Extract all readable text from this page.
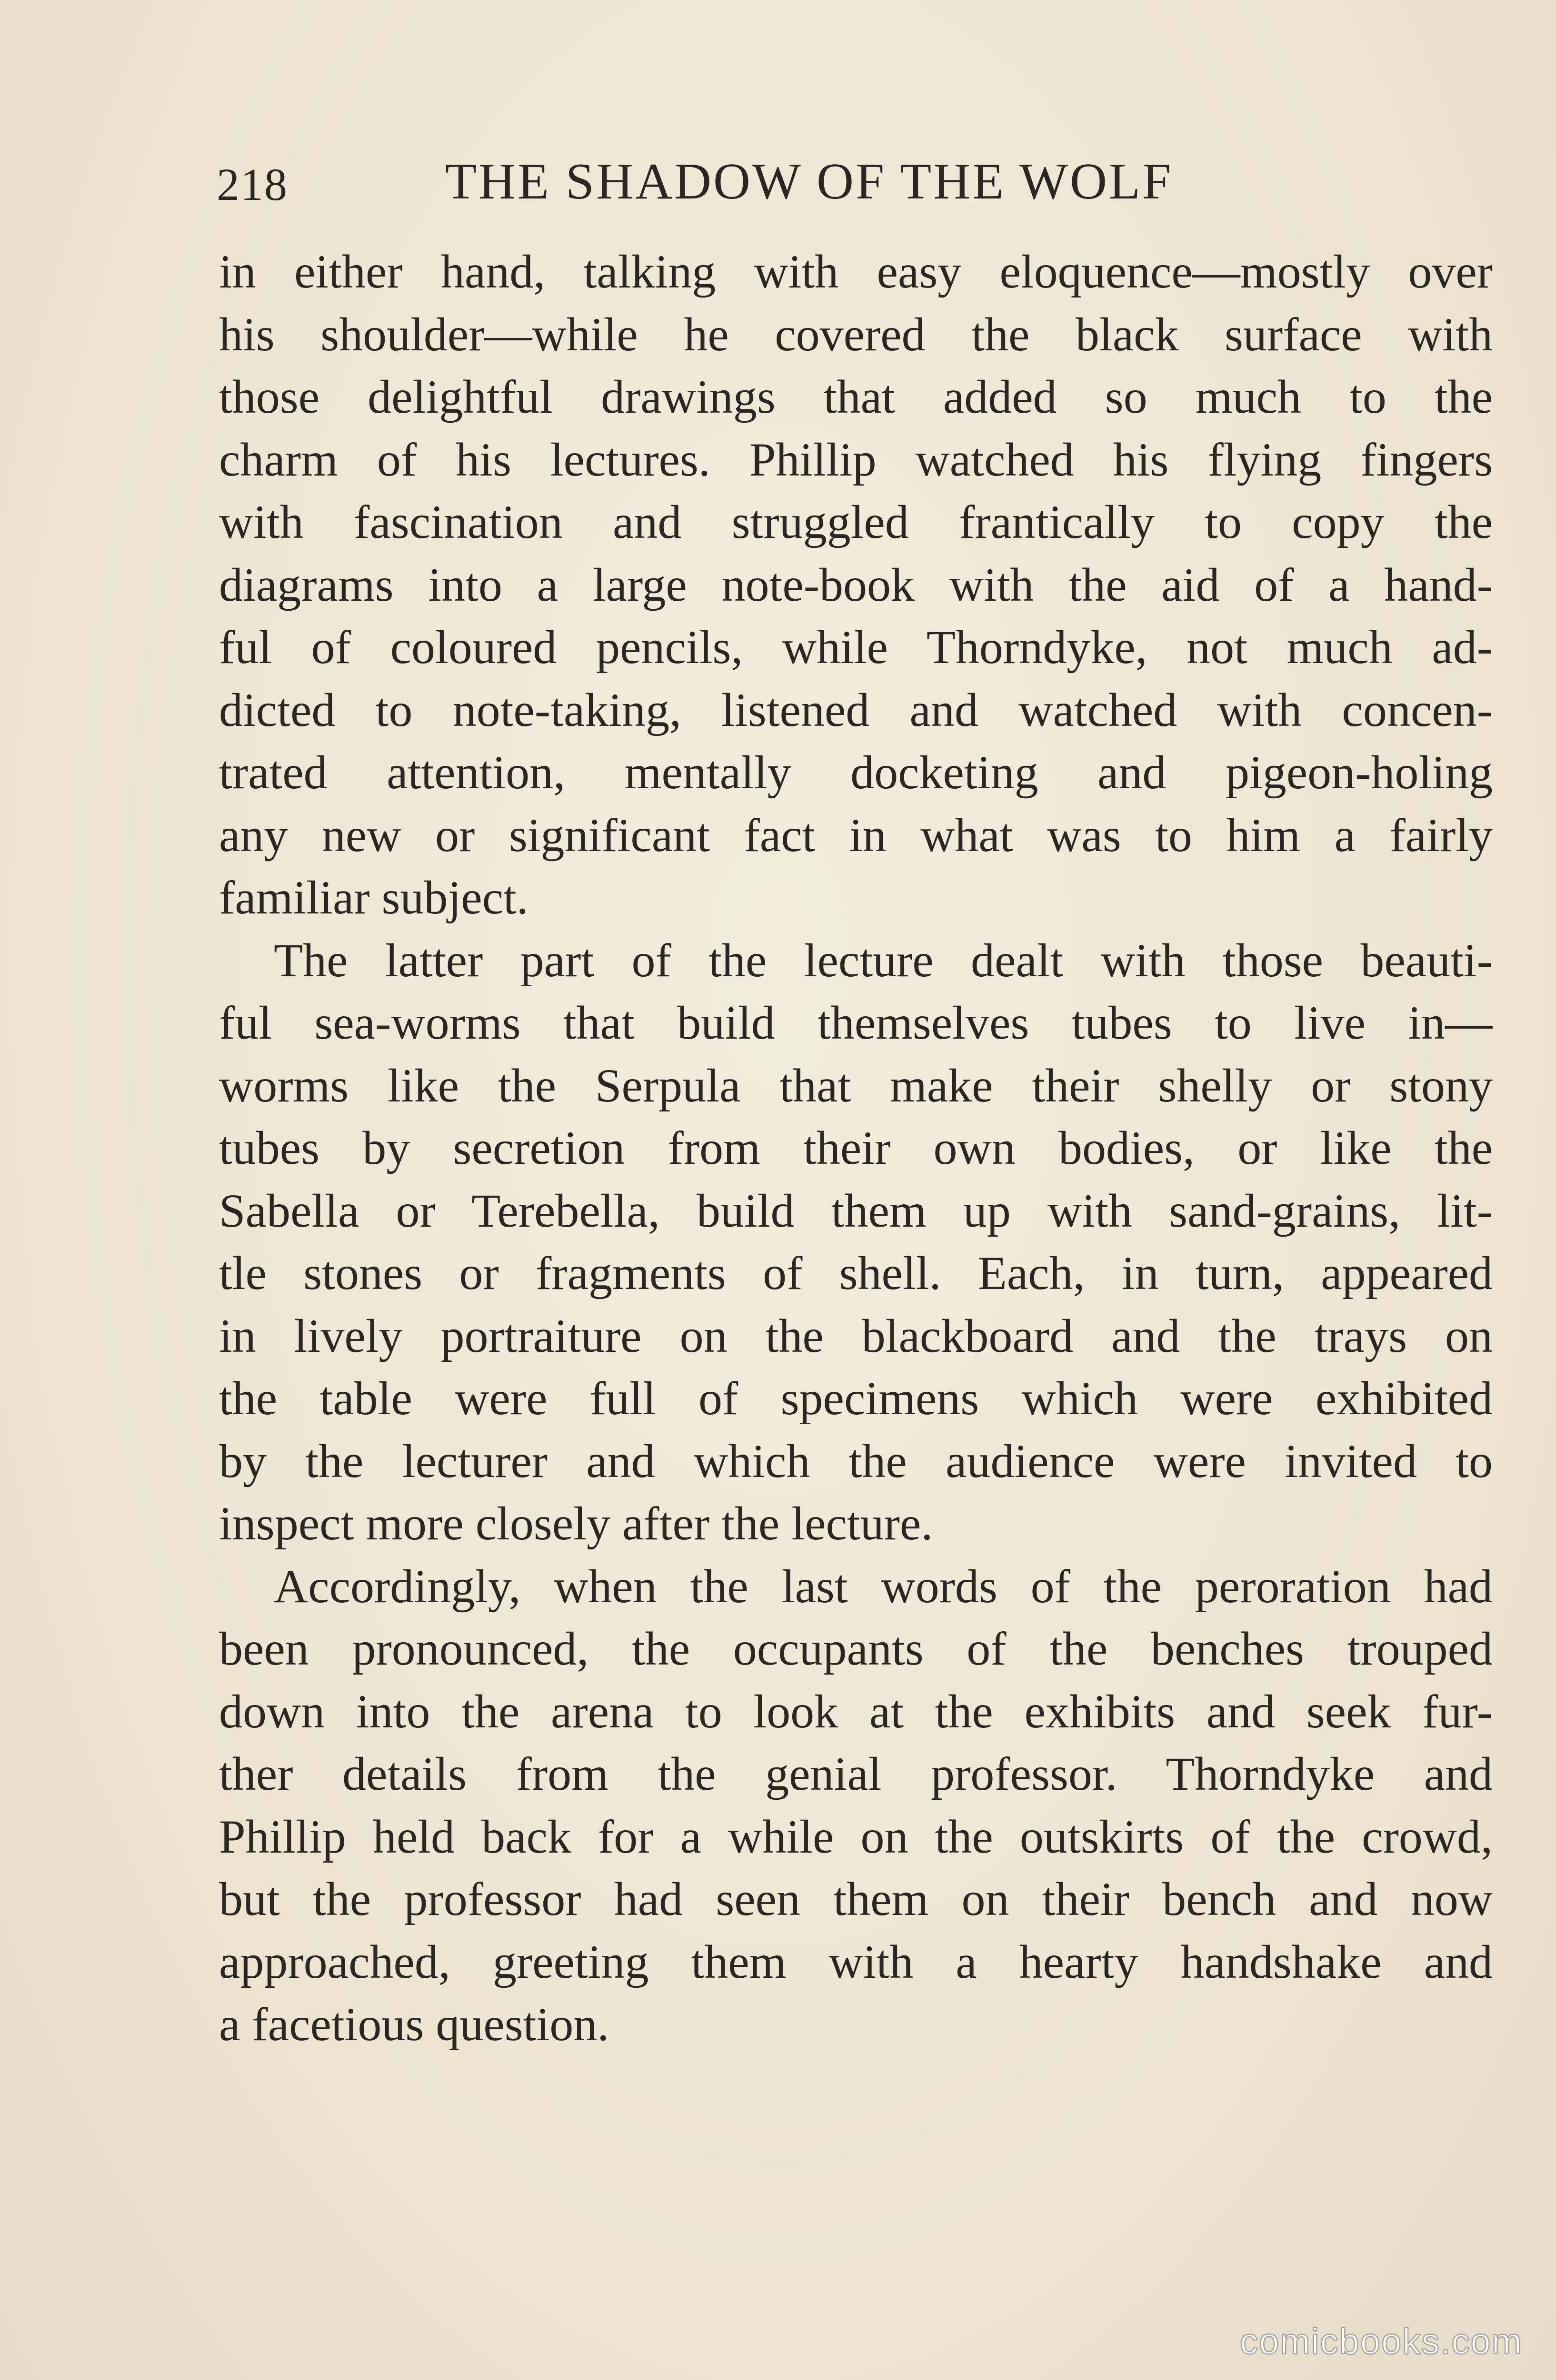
218	THE SHADOW OF THE WOLF
in either hand, talking with easy eloquence—mostly over
his shoulder—while he covered the black surface with
those delightful drawings that added so much to the
charm of his lectures. Phillip watched his flying fingers
with fascination and struggled frantically to copy the
diagrams into a large note-book with the aid of a hand-
ful of coloured pencils, while Thorndyke, not much ad-
dicted to note-taking, listened and watched with concen-
trated attention, mentally docketing and pigeon-holing
any new or significant fact in what was to him a fairly
familiar subject.
The latter part of the lecture dealt with those beauti-
ful sea-worms that build themselves tubes to live in—
worms like the Serpula that make their shelly or stony
tubes by secretion from their own bodies, or like the
Sabella or Terebella, build them up with sand-grains, lit-
tle stones or fragments of shell. Each, in turn, appeared
in lively portraiture on the blackboard and the trays on
the table were full of specimens which were exhibited
by the lecturer and which the audience were invited to
inspect more closely after the lecture.
Accordingly, when the last words of the peroration had
been pronounced, the occupants of the benches trouped
down into the arena to look at the exhibits and seek fur-
ther details from the genial professor. Thorndyke and
Phillip held back for a while on the outskirts of the crowd,
but the professor had seen them on their bench and now
approached, greeting them with a hearty handshake and
a facetious question.
comicbooks.com
